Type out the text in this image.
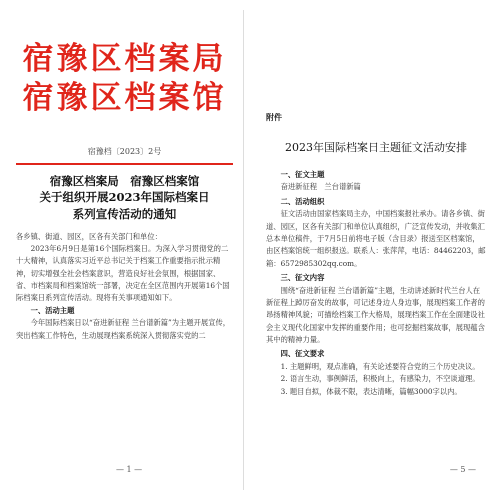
宿豫区档案局
宿豫区档案馆
宿豫档〔2023〕2号
宿豫区档案局　宿豫区档案馆
关于组织开展2023年国际档案日
系列宣传活动的通知

各乡镇、街道、园区，区各有关部门和单位：

2023年6月9日是第16个国际档案日。为深入学习贯彻党的二十大精神，认真落实习近平总书记关于档案工作重要指示批示精神，切实增强全社会档案意识，营造良好社会氛围，根据国家、省、市档案局和档案馆统一部署，决定在全区范围内开展第16个国际档案日系列宣传活动。现将有关事项通知如下。

一、活动主题

今年国际档案日以“奋进新征程 兰台谱新篇”为主题开展宣传，突出档案工作特色，生动展现档案系统深入贯彻落实党的二

— 1 —
附件
2023年国际档案日主题征文活动安排

一、征文主题

奋进新征程　兰台谱新篇

二、活动组织

征文活动由国家档案局主办，中国档案报社承办。请各乡镇、街道、园区，区各有关部门和单位认真组织，广泛宣传发动，并收集汇总本单位稿件，于7月5日前将电子版（含目录）报送至区档案馆，由区档案馆统一组织报送。联系人：张萍萍，电话：84462203，邮箱：657298530​2qq.com。

三、征文内容

围绕“奋进新征程 兰台谱新篇”主题，生动讲述新时代兰台人在新征程上踔厉奋发的故事，可记述身边人身边事，展现档案工作者的昂扬精神风貌；可描绘档案工作大格局，展现档案工作在全面建设社会主义现代化国家中发挥的重要作用；也可挖掘档案故事，展现蕴含其中的精神力量。

四、征文要求

1. 主题鲜明，观点准确，有关论述要符合党的三个历史决议。

2. 语言生动，事例鲜活，积极向上，有感染力，不空谈道理。

3. 题目自拟，体裁不限，表达清晰，篇幅3000字以内。

— 5 —
